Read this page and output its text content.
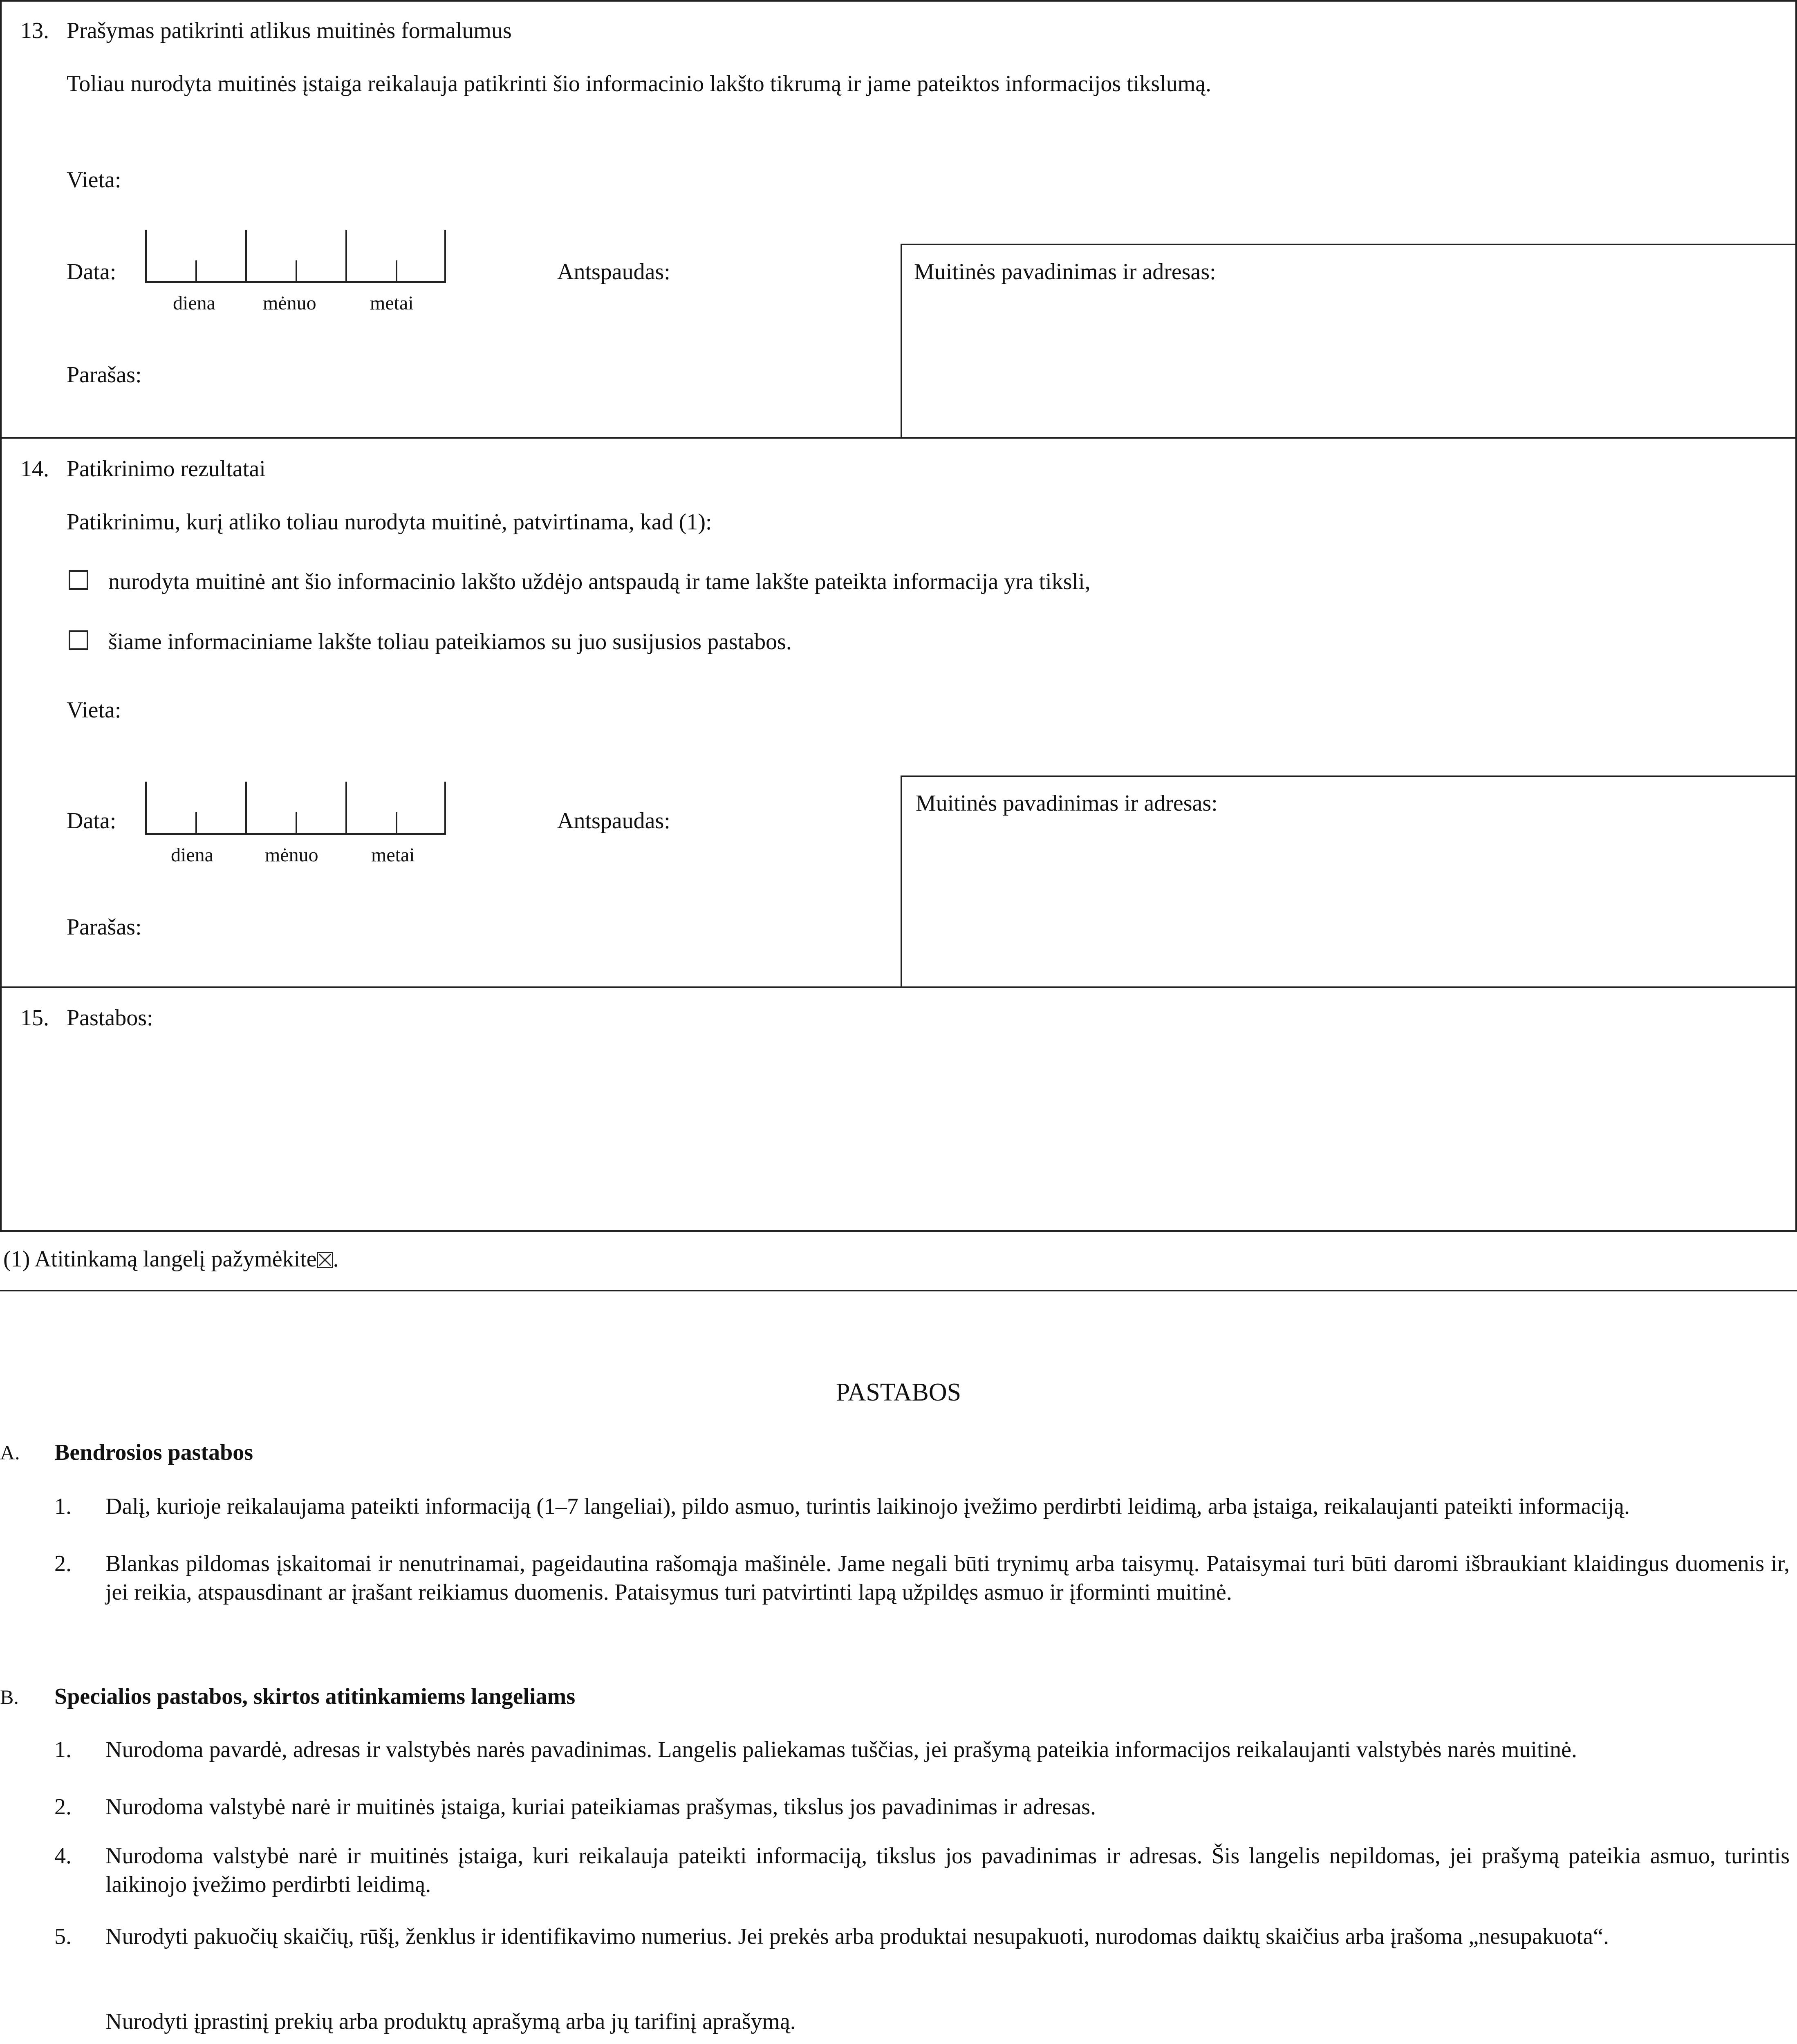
13. Prašymas patikrinti atlikus muitinės formalumus
Toliau nurodyta muitinės įstaiga reikalauja patikrinti šio informacinio lakšto tikrumą ir jame pateiktos informacijos tikslumą.
Vieta:
Data:
diena mėnuo	metai
Antspaudas:
Parašas:
Muitinės pavadinimas ir adresas:
14. Patikrinimo rezultatai
Patikrinimu, kurį atliko toliau nurodyta muitinė, patvirtinama, kad (1):
nurodyta muitinė ant šio informacinio lakšto uždėjo antspaudą ir tame lakšte pateikta informacija yra tiksli,
šiame informaciniame lakšte toliau pateikiamos su juo susijusios pastabos.
Vieta:
Data:
diena	mėnuo	metai
Antspaudas:
Parašas:
Muitinės pavadinimas ir adresas:
15. Pastabos:
(1) Atitinkamą langelį pažymėkite .
PASTABOS
A. Bendrosios pastabos
1. Dalį, kurioje reikalaujama pateikti informaciją (1–7 langeliai), pildo asmuo, turintis laikinojo įvežimo perdirbti leidimą, arba įstaiga, reikalaujanti pateikti informaciją.
2. Blankas pildomas įskaitomai ir nenutrinamai, pageidautina rašomąja mašinėle. Jame negali būti trynimų arba taisymų. Pataisymai turi būti daromi išbraukiant klaidingus duomenis ir, jei reikia, atspausdinant ar įrašant reikiamus duomenis. Pataisymus turi patvirtinti lapą užpildęs asmuo ir įforminti muitinė.
B. Specialios pastabos, skirtos atitinkamiems langeliams
1. Nurodoma pavardė, adresas ir valstybės narės pavadinimas. Langelis paliekamas tuščias, jei prašymą pateikia informacijos reikalaujanti valstybės narės muitinė.
2. Nurodoma valstybė narė ir muitinės įstaiga, kuriai pateikiamas prašymas, tikslus jos pavadinimas ir adresas.
4. Nurodoma valstybė narė ir muitinės įstaiga, kuri reikalauja pateikti informaciją, tikslus jos pavadinimas ir adresas. Šis langelis nepildomas, jei prašymą pateikia asmuo, turintis laikinojo įvežimo perdirbti leidimą.
5. Nurodyti pakuočių skaičių, rūšį, ženklus ir identifikavimo numerius. Jei prekės arba produktai nesupakuoti, nurodomas daiktų skaičius arba įrašoma „nesupakuota“.
Nurodyti įprastinį prekių arba produktų aprašymą arba jų tarifinį aprašymą.
